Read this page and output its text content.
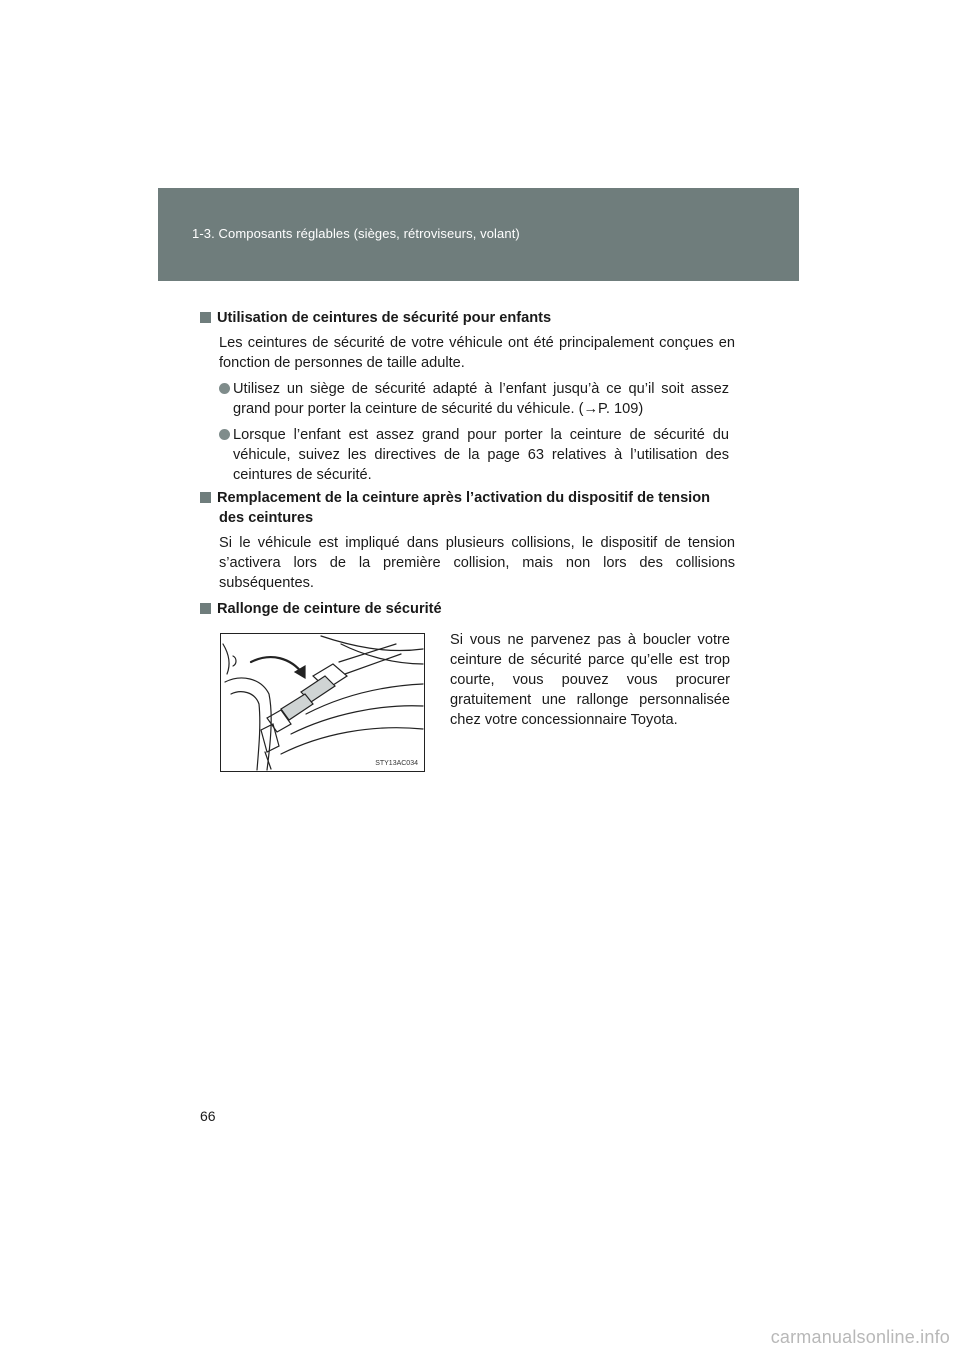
1-3. Composants réglables (sièges, rétroviseurs, volant)
Utilisation de ceintures de sécurité pour enfants
Les ceintures de sécurité de votre véhicule ont été principalement conçues en fonction de personnes de taille adulte.
Utilisez un siège de sécurité adapté à l’enfant jusqu’à ce qu’il soit assez grand pour porter la ceinture de sécurité du véhicule. (→P. 109)
Lorsque l’enfant est assez grand pour porter la ceinture de sécurité du véhicule, suivez les directives de la page 63 relatives à l’utilisation des ceintures de sécurité.
Remplacement de la ceinture après l’activation du dispositif de tension
des ceintures
Si le véhicule est impliqué dans plusieurs collisions, le dispositif de tension s’activera lors de la première collision, mais non lors des collisions subséquentes.
Rallonge de ceinture de sécurité
STY13AC034
Si vous ne parvenez pas à boucler votre ceinture de sécurité parce qu’elle est trop courte, vous pouvez vous procurer gratuitement une rallonge personnalisée chez votre concessionnaire Toyota.
66
carmanualsonline.info
